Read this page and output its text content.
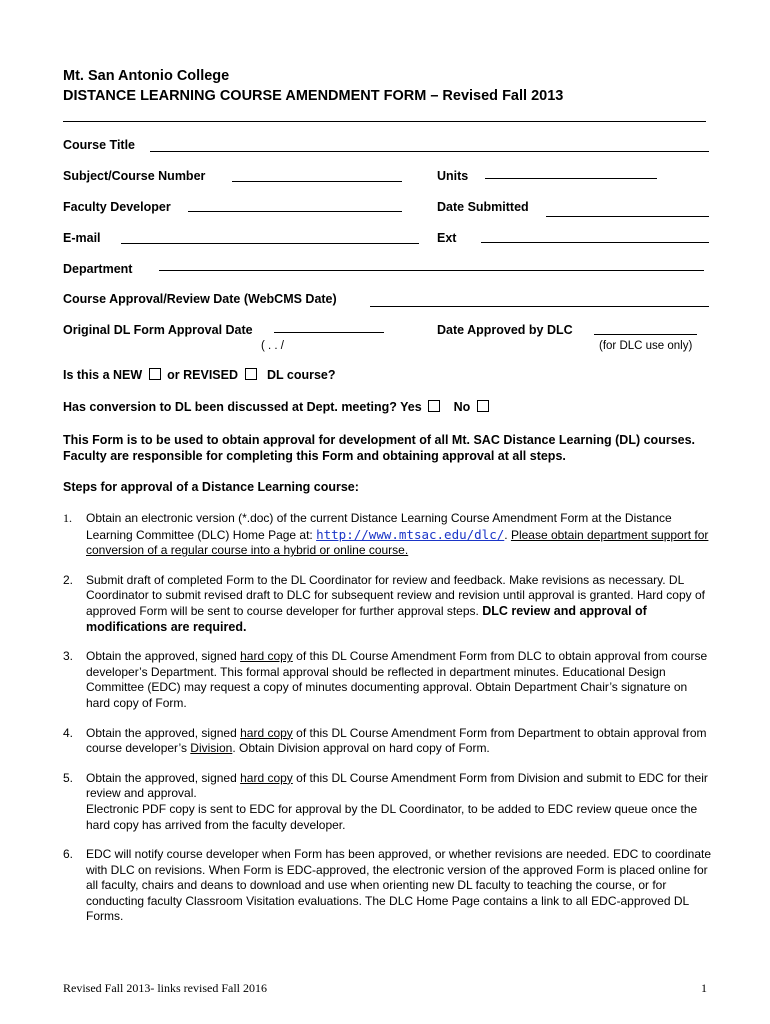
Mt. San Antonio College
DISTANCE LEARNING COURSE AMENDMENT FORM – Revised Fall 2013
Course Title
Subject/Course Number	Units
Faculty Developer	Date Submitted
E-mail	Ext
Department
Course Approval/Review Date (WebCMS Date)
Original DL Form Approval Date	Date Approved by DLC
( . . /	(for DLC use only)
Is this a NEW or REVISED DL course?
Has conversion to DL been discussed at Dept. meeting? Yes	No
This Form is to be used to obtain approval for development of all Mt. SAC Distance Learning (DL) courses. Faculty are responsible for completing this Form and obtaining approval at all steps.
Steps for approval of a Distance Learning course:
1. Obtain an electronic version (*.doc) of the current Distance Learning Course Amendment Form at the Distance Learning Committee (DLC) Home Page at: http://www.mtsac.edu/dlc/. Please obtain department support for conversion of a regular course into a hybrid or online course.
2. Submit draft of completed Form to the DL Coordinator for review and feedback. Make revisions as necessary. DL Coordinator to submit revised draft to DLC for subsequent review and revision until approval is granted. Hard copy of approved Form will be sent to course developer for further approval steps. DLC review and approval of modifications are required.
3. Obtain the approved, signed hard copy of this DL Course Amendment Form from DLC to obtain approval from course developer’s Department. This formal approval should be reflected in department minutes. Educational Design Committee (EDC) may request a copy of minutes documenting approval. Obtain Department Chair’s signature on hard copy of Form.
4. Obtain the approved, signed hard copy of this DL Course Amendment Form from Department to obtain approval from course developer’s Division. Obtain Division approval on hard copy of Form.
5. Obtain the approved, signed hard copy of this DL Course Amendment Form from Division and submit to EDC for their review and approval.
Electronic PDF copy is sent to EDC for approval by the DL Coordinator, to be added to EDC review queue once the hard copy has arrived from the faculty developer.
6. EDC will notify course developer when Form has been approved, or whether revisions are needed. EDC to coordinate with DLC on revisions. When Form is EDC-approved, the electronic version of the approved Form is placed online for all faculty, chairs and deans to download and use when orienting new DL faculty to teaching the course, or for conducting faculty Classroom Visitation evaluations. The DLC Home Page contains a link to all EDC-approved DL Forms.
Revised Fall 2013- links revised Fall 2016	1
